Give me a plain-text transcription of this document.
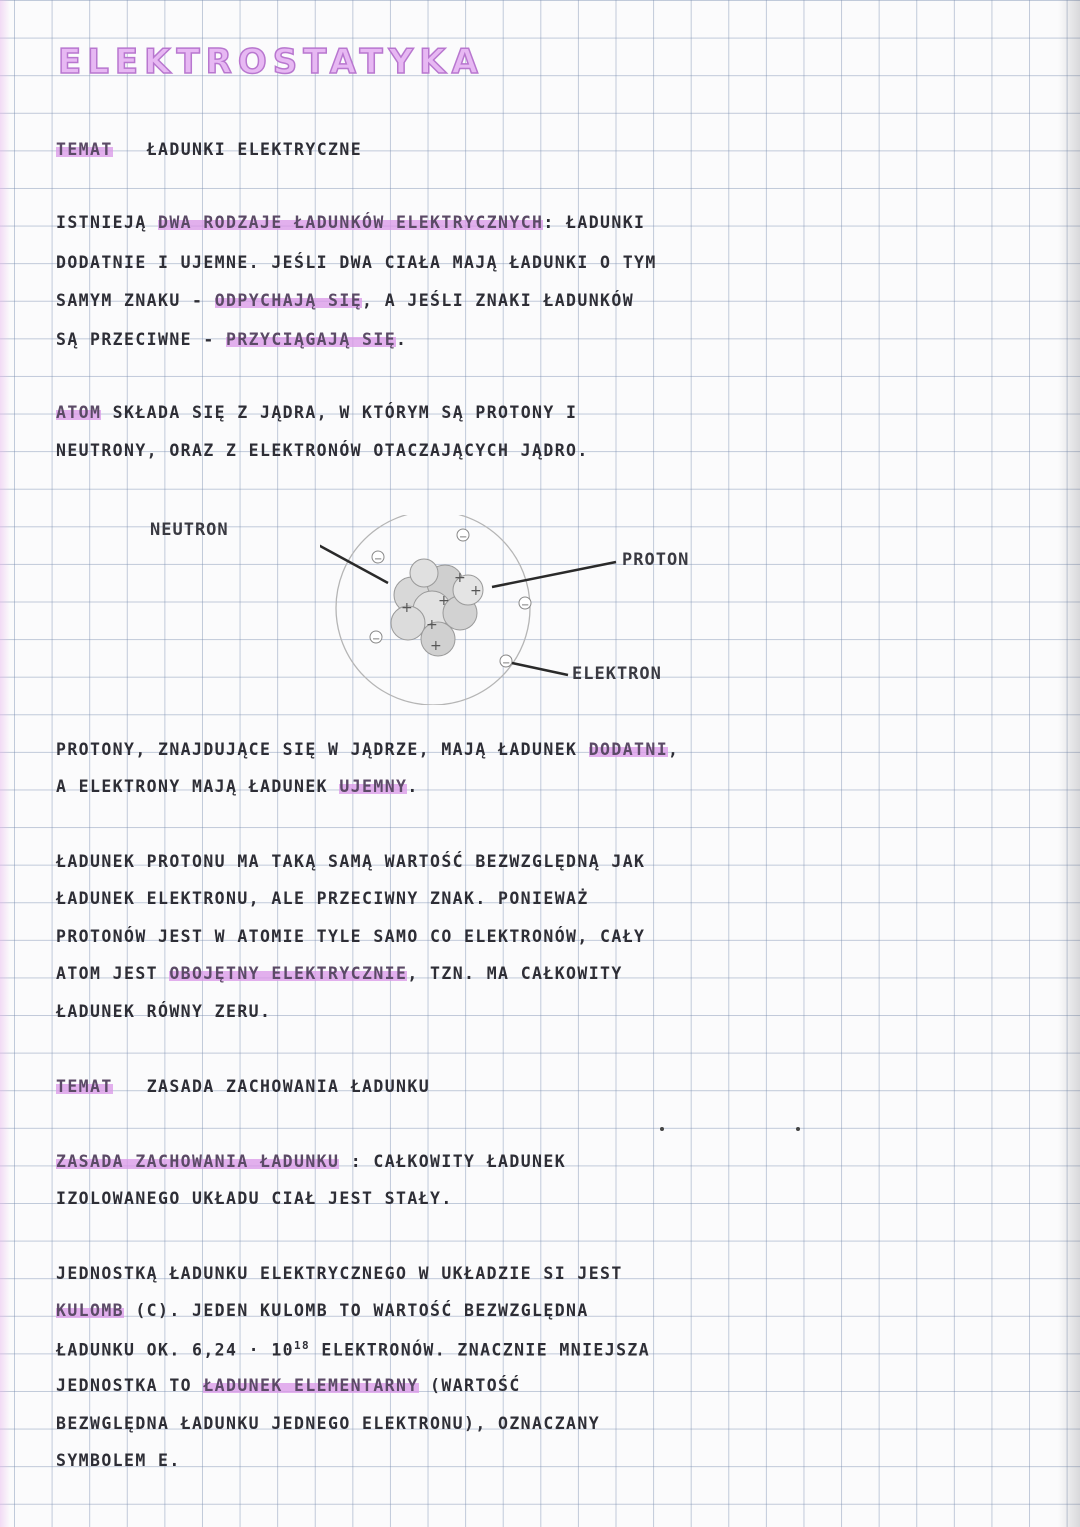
ELEKTROSTATYKA
TEMAT ŁADUNKI ELEKTRYCZNE
ISTNIEJĄ DWA RODZAJE ŁADUNKÓW ELEKTRYCZNYCH: ŁADUNKI
DODATNIE I UJEMNE. JEŚLI DWA CIAŁA MAJĄ ŁADUNKI O TYM
SAMYM ZNAKU - ODPYCHAJĄ SIĘ, A JEŚLI ZNAKI ŁADUNKÓW
SĄ PRZECIWNE - PRZYCIĄGAJĄ SIĘ.
ATOM SKŁADA SIĘ Z JĄDRA, W KTÓRYM SĄ PROTONY I
NEUTRONY, ORAZ Z ELEKTRONÓW OTACZAJĄCYCH JĄDRO.
+ +
+
+
+
+
−
−
−
−
−
NEUTRON
PROTON
ELEKTRON
PROTONY, ZNAJDUJĄCE SIĘ W JĄDRZE, MAJĄ ŁADUNEK DODATNI,
A ELEKTRONY MAJĄ ŁADUNEK UJEMNY.
ŁADUNEK PROTONU MA TAKĄ SAMĄ WARTOŚĆ BEZWZGLĘDNĄ JAK
ŁADUNEK ELEKTRONU, ALE PRZECIWNY ZNAK. PONIEWAŻ
PROTONÓW JEST W ATOMIE TYLE SAMO CO ELEKTRONÓW, CAŁY
ATOM JEST OBOJĘTNY ELEKTRYCZNIE, TZN. MA CAŁKOWITY
ŁADUNEK RÓWNY ZERU.
TEMAT ZASADA ZACHOWANIA ŁADUNKU
ZASADA ZACHOWANIA ŁADUNKU : CAŁKOWITY ŁADUNEK
IZOLOWANEGO UKŁADU CIAŁ JEST STAŁY.
JEDNOSTKĄ ŁADUNKU ELEKTRYCZNEGO W UKŁADZIE SI JEST
KULOMB (C). JEDEN KULOMB TO WARTOŚĆ BEZWZGLĘDNA
ŁADUNKU OK. $6,24 \cdot 10^{18}$ ELEKTRONÓW. ZNACZNIE MNIEJSZA
JEDNOSTKA TO ŁADUNEK ELEMENTARNY (WARTOŚĆ
BEZWGLĘDNA ŁADUNKU JEDNEGO ELEKTRONU), OZNACZANY
SYMBOLEM E.
